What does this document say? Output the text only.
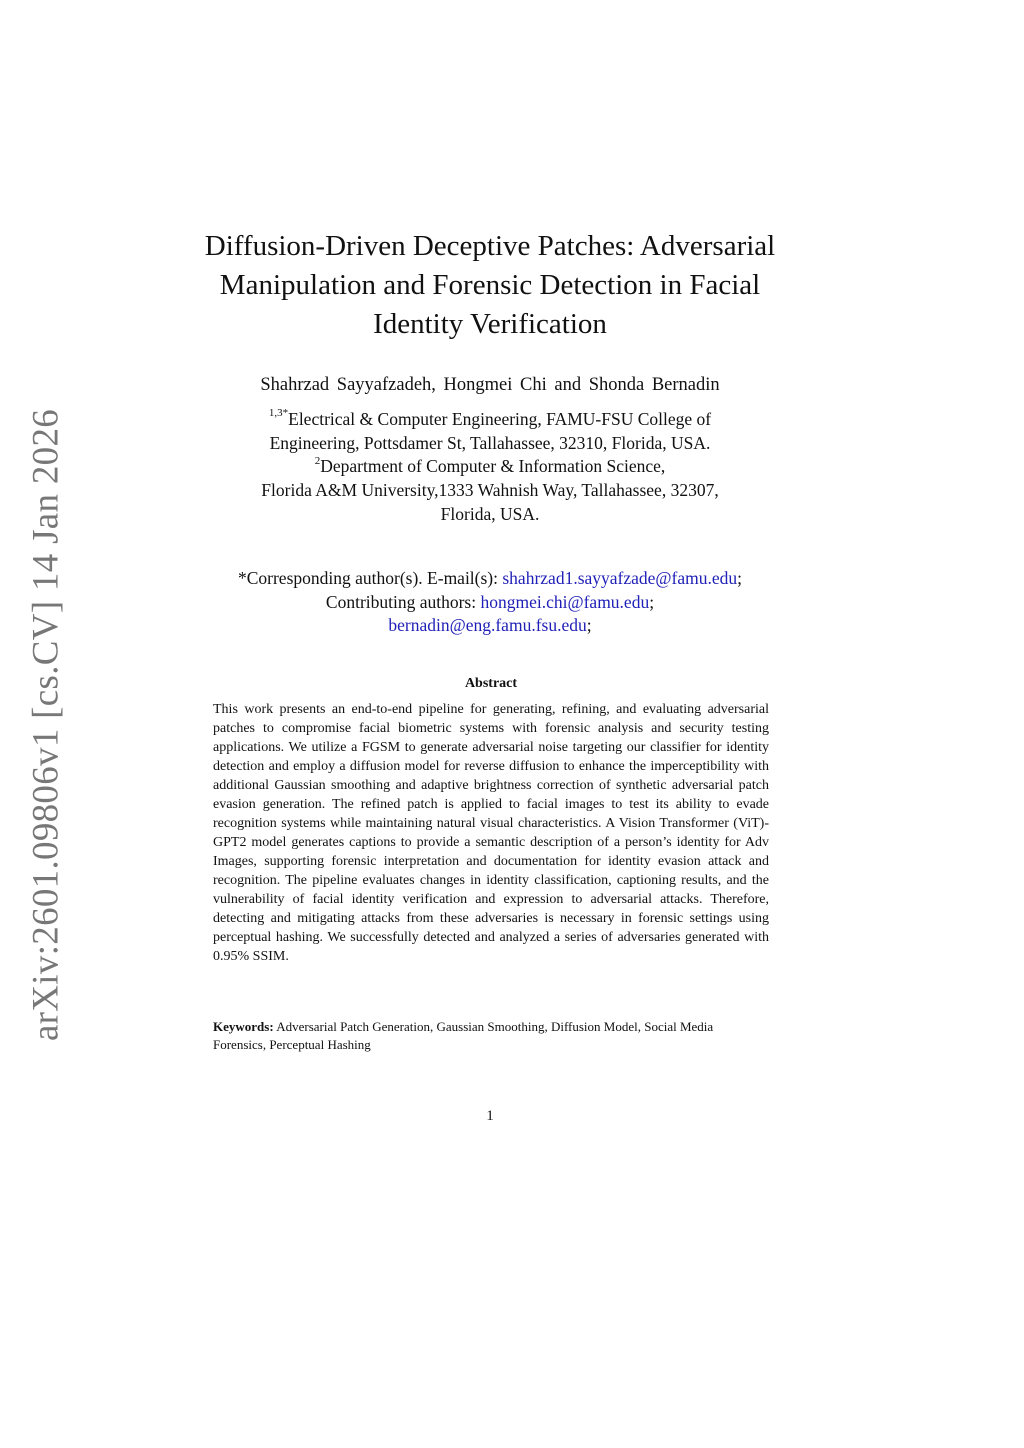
arXiv:2601.09806v1 [cs.CV] 14 Jan 2026
Diffusion-Driven Deceptive Patches: Adversarial
Manipulation and Forensic Detection in Facial
Identity Verification
Shahrzad Sayyafzadeh, Hongmei Chi and Shonda Bernadin
$^{1,3*}$Electrical & Computer Engineering, FAMU-FSU College of
Engineering, Pottsdamer St, Tallahassee, 32310, Florida, USA.
$^2$Department of Computer & Information Science,
Florida A&M University,1333 Wahnish Way, Tallahassee, 32307,
Florida, USA.
*Corresponding author(s). E-mail(s): shahrzad1.sayyafzade@famu.edu;
Contributing authors: hongmei.chi@famu.edu;
bernadin@eng.famu.fsu.edu;
Abstract

This work presents an end-to-end pipeline for generating, refining, and evaluating adversarial patches to compromise facial biometric systems with forensic analysis and security testing applications. We utilize a FGSM to generate adversarial noise targeting our classifier for identity detection and employ a diffusion model for reverse diffusion to enhance the imperceptibility with additional Gaussian smoothing and adaptive brightness correction of synthetic adversarial patch evasion generation. The refined patch is applied to facial images to test its ability to evade recognition systems while maintaining natural visual characteristics. A Vision Transformer (ViT)-GPT2 model generates captions to provide a semantic description of a person’s identity for Adv Images, supporting forensic interpretation and documentation for identity evasion attack and recognition. The pipeline evaluates changes in identity classification, captioning results, and the vulnerability of facial identity verification and expression to adversarial attacks. Therefore, detecting and mitigating attacks from these adversaries is necessary in forensic settings using perceptual hashing. We successfully detected and analyzed a series of adversaries generated with 0.95% SSIM.

Keywords: Adversarial Patch Generation, Gaussian Smoothing, Diffusion Model, Social Media Forensics, Perceptual Hashing

1
